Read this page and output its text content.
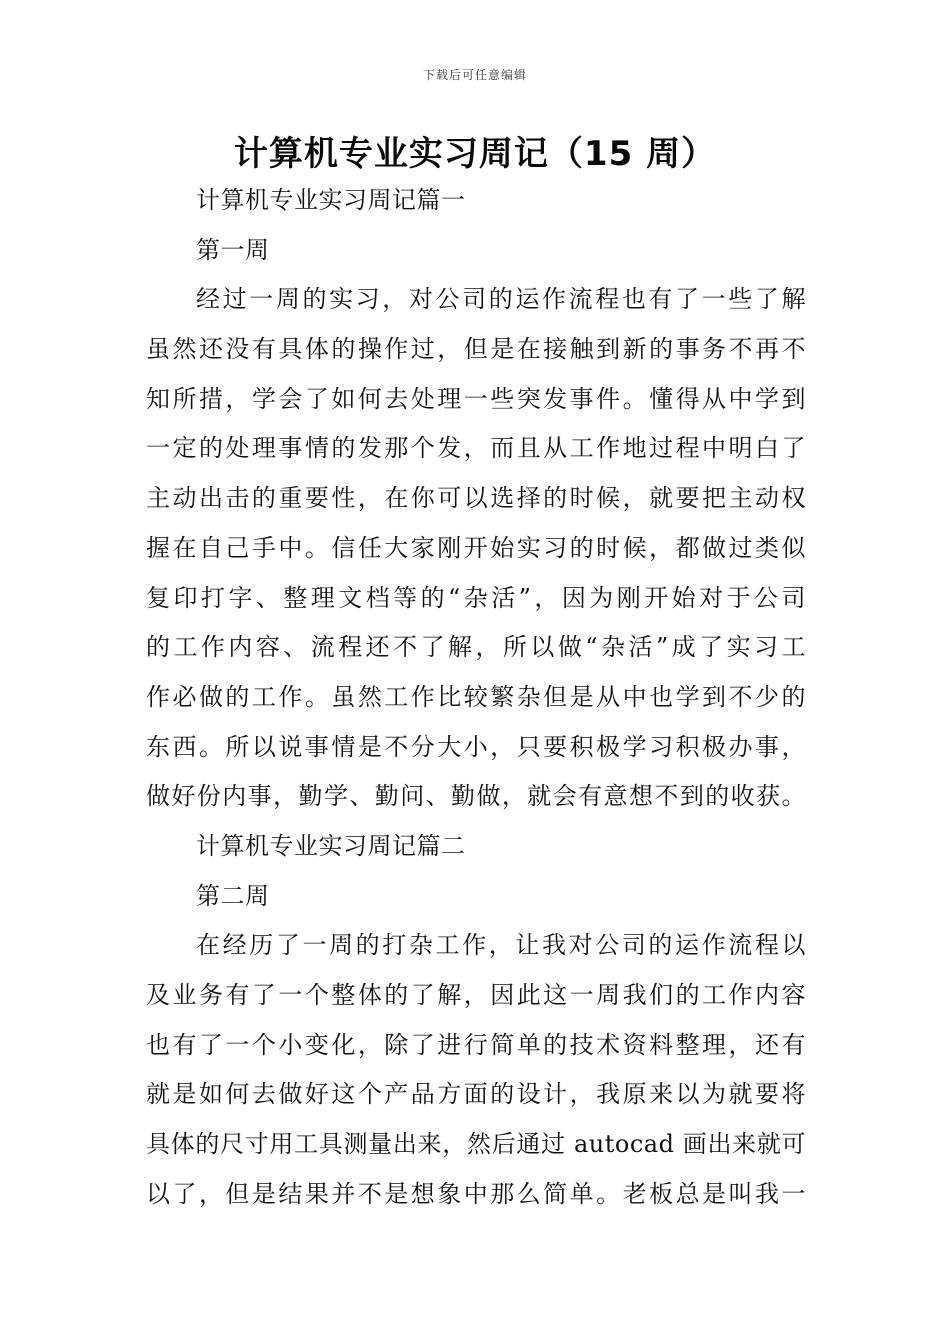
下载后可任意编辑
计算机专业实习周记（15 周）
计算机专业实习周记篇一
第一周
经过一周的实习，对公司的运作流程也有了一些了解
虽然还没有具体的操作过，但是在接触到新的事务不再不
知所措，学会了如何去处理一些突发事件。懂得从中学到
一定的处理事情的发那个发，而且从工作地过程中明白了
主动出击的重要性，在你可以选择的时候，就要把主动权
握在自己手中。信任大家刚开始实习的时候，都做过类似
复印打字、整理文档等的“杂活”，因为刚开始对于公司
的工作内容、流程还不了解，所以做“杂活”成了实习工
作必做的工作。虽然工作比较繁杂但是从中也学到不少的
东西。所以说事情是不分大小，只要积极学习积极办事，
做好份内事，勤学、勤问、勤做，就会有意想不到的收获。
计算机专业实习周记篇二
第二周
在经历了一周的打杂工作，让我对公司的运作流程以
及业务有了一个整体的了解，因此这一周我们的工作内容
也有了一个小变化，除了进行简单的技术资料整理，还有
就是如何去做好这个产品方面的设计，我原来以为就要将
具体的尺寸用工具测量出来，然后通过 autocad 画出来就可
以了，但是结果并不是想象中那么简单。老板总是叫我一
